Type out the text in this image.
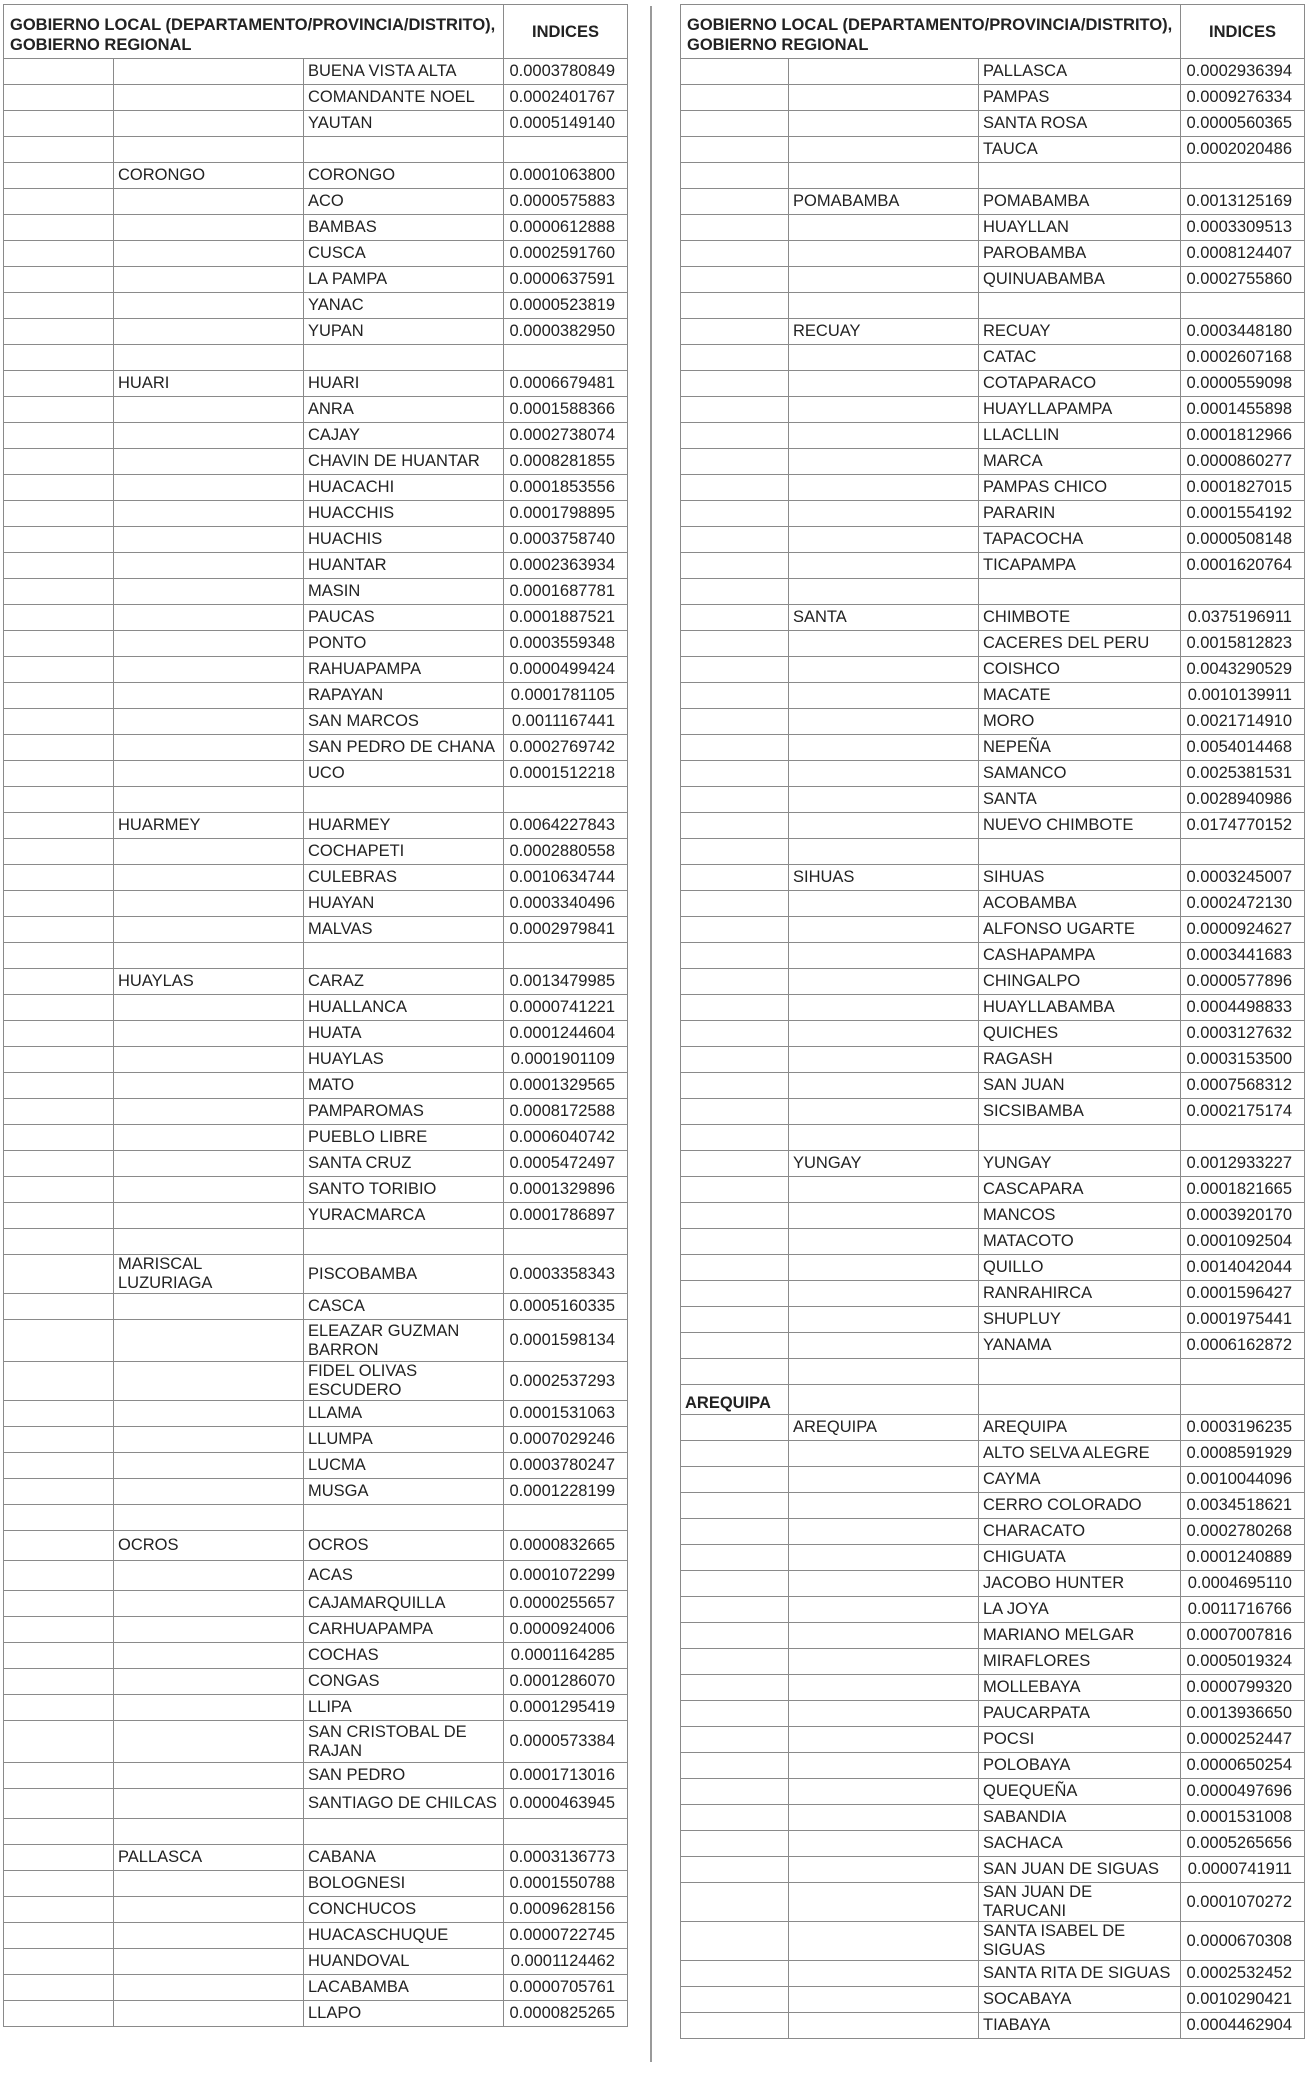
GOBIERNO LOCAL (DEPARTAMENTO/PROVINCIA/DISTRITO), GOBIERNO REGIONAL			INDICES
		BUENA VISTA ALTA	0.0003780849
		COMANDANTE NOEL	0.0002401767
		YAUTAN	0.0005149140

	CORONGO	CORONGO	0.0001063800
		ACO	0.0000575883
		BAMBAS	0.0000612888
		CUSCA	0.0002591760
		LA PAMPA	0.0000637591
		YANAC	0.0000523819
		YUPAN	0.0000382950

	HUARI	HUARI	0.0006679481
		ANRA	0.0001588366
		CAJAY	0.0002738074
		CHAVIN DE HUANTAR	0.0008281855
		HUACACHI	0.0001853556
		HUACCHIS	0.0001798895
		HUACHIS	0.0003758740
		HUANTAR	0.0002363934
		MASIN	0.0001687781
		PAUCAS	0.0001887521
		PONTO	0.0003559348
		RAHUAPAMPA	0.0000499424
		RAPAYAN	0.0001781105
		SAN MARCOS	0.0011167441
		SAN PEDRO DE CHANA	0.0002769742
		UCO	0.0001512218

	HUARMEY	HUARMEY	0.0064227843
		COCHAPETI	0.0002880558
		CULEBRAS	0.0010634744
		HUAYAN	0.0003340496
		MALVAS	0.0002979841

	HUAYLAS	CARAZ	0.0013479985
		HUALLANCA	0.0000741221
		HUATA	0.0001244604
		HUAYLAS	0.0001901109
		MATO	0.0001329565
		PAMPAROMAS	0.0008172588
		PUEBLO LIBRE	0.0006040742
		SANTA CRUZ	0.0005472497
		SANTO TORIBIO	0.0001329896
		YURACMARCA	0.0001786897

	MARISCAL LUZURIAGA	PISCOBAMBA	0.0003358343
		CASCA	0.0005160335
		ELEAZAR GUZMAN BARRON	0.0001598134
		FIDEL OLIVAS ESCUDERO	0.0002537293
		LLAMA	0.0001531063
		LLUMPA	0.0007029246
		LUCMA	0.0003780247
		MUSGA	0.0001228199

	OCROS	OCROS	0.0000832665
		ACAS	0.0001072299
		CAJAMARQUILLA	0.0000255657
		CARHUAPAMPA	0.0000924006
		COCHAS	0.0001164285
		CONGAS	0.0001286070
		LLIPA	0.0001295419
		SAN CRISTOBAL DE RAJAN	0.0000573384
		SAN PEDRO	0.0001713016
		SANTIAGO DE CHILCAS	0.0000463945

	PALLASCA	CABANA	0.0003136773
		BOLOGNESI	0.0001550788
		CONCHUCOS	0.0009628156
		HUACASCHUQUE	0.0000722745
		HUANDOVAL	0.0001124462
		LACABAMBA	0.0000705761
		LLAPO	0.0000825265
GOBIERNO LOCAL (DEPARTAMENTO/PROVINCIA/DISTRITO), GOBIERNO REGIONAL			INDICES
		PALLASCA	0.0002936394
		PAMPAS	0.0009276334
		SANTA ROSA	0.0000560365
		TAUCA	0.0002020486

	POMABAMBA	POMABAMBA	0.0013125169
		HUAYLLAN	0.0003309513
		PAROBAMBA	0.0008124407
		QUINUABAMBA	0.0002755860

	RECUAY	RECUAY	0.0003448180
		CATAC	0.0002607168
		COTAPARACO	0.0000559098
		HUAYLLAPAMPA	0.0001455898
		LLACLLIN	0.0001812966
		MARCA	0.0000860277
		PAMPAS CHICO	0.0001827015
		PARARIN	0.0001554192
		TAPACOCHA	0.0000508148
		TICAPAMPA	0.0001620764

	SANTA	CHIMBOTE	0.0375196911
		CACERES DEL PERU	0.0015812823
		COISHCO	0.0043290529
		MACATE	0.0010139911
		MORO	0.0021714910
		NEPEÑA	0.0054014468
		SAMANCO	0.0025381531
		SANTA	0.0028940986
		NUEVO CHIMBOTE	0.0174770152

	SIHUAS	SIHUAS	0.0003245007
		ACOBAMBA	0.0002472130
		ALFONSO UGARTE	0.0000924627
		CASHAPAMPA	0.0003441683
		CHINGALPO	0.0000577896
		HUAYLLABAMBA	0.0004498833
		QUICHES	0.0003127632
		RAGASH	0.0003153500
		SAN JUAN	0.0007568312
		SICSIBAMBA	0.0002175174

	YUNGAY	YUNGAY	0.0012933227
		CASCAPARA	0.0001821665
		MANCOS	0.0003920170
		MATACOTO	0.0001092504
		QUILLO	0.0014042044
		RANRAHIRCA	0.0001596427
		SHUPLUY	0.0001975441
		YANAMA	0.0006162872

AREQUIPA			
	AREQUIPA	AREQUIPA	0.0003196235
		ALTO SELVA ALEGRE	0.0008591929
		CAYMA	0.0010044096
		CERRO COLORADO	0.0034518621
		CHARACATO	0.0002780268
		CHIGUATA	0.0001240889
		JACOBO HUNTER	0.0004695110
		LA JOYA	0.0011716766
		MARIANO MELGAR	0.0007007816
		MIRAFLORES	0.0005019324
		MOLLEBAYA	0.0000799320
		PAUCARPATA	0.0013936650
		POCSI	0.0000252447
		POLOBAYA	0.0000650254
		QUEQUEÑA	0.0000497696
		SABANDIA	0.0001531008
		SACHACA	0.0005265656
		SAN JUAN DE SIGUAS	0.0000741911
		SAN JUAN DE TARUCANI	0.0001070272
		SANTA ISABEL DE SIGUAS	0.0000670308
		SANTA RITA DE SIGUAS	0.0002532452
		SOCABAYA	0.0010290421
		TIABAYA	0.0004462904
